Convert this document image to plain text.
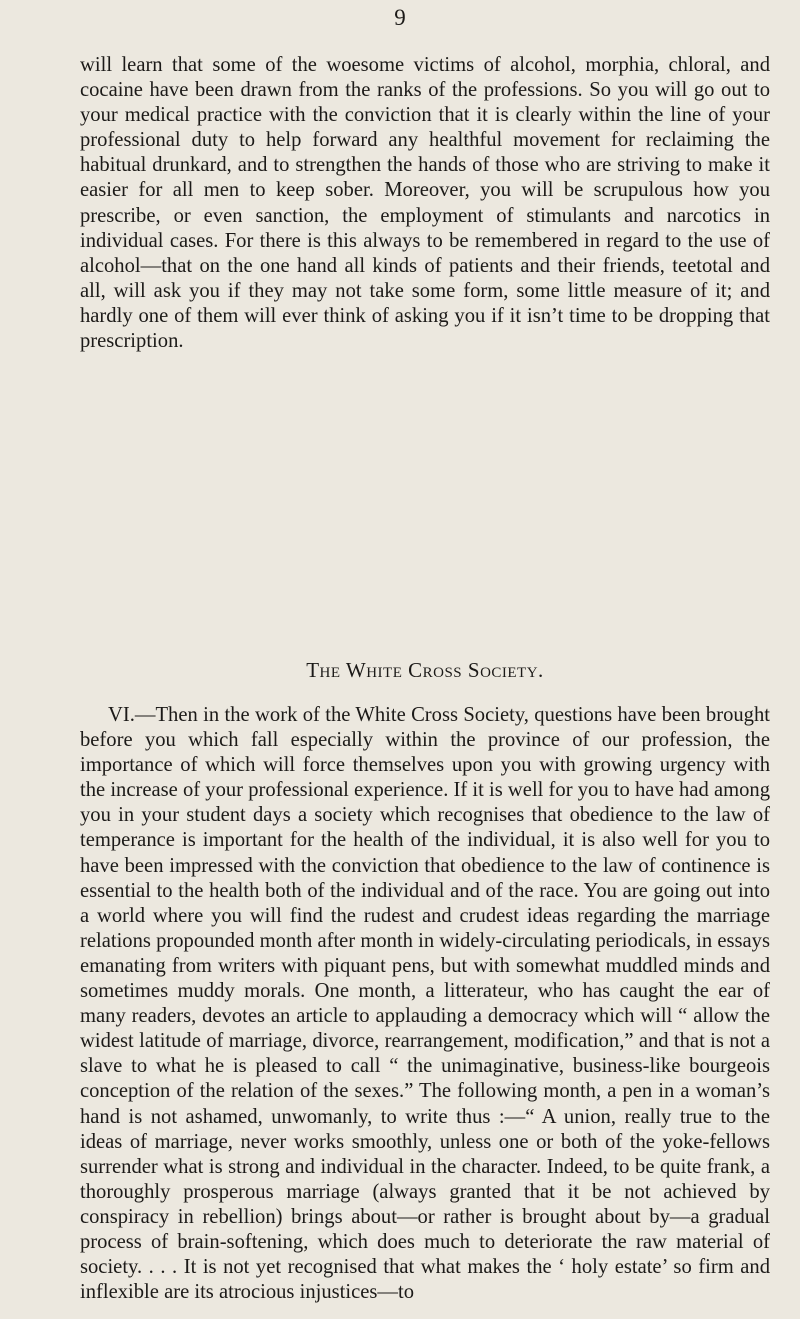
9

will learn that some of the woesome victims of alcohol, morphia, chloral, and cocaine have been drawn from the ranks of the professions. So you will go out to your medical practice with the conviction that it is clearly within the line of your professional duty to help forward any healthful movement for reclaiming the habitual drunkard, and to strengthen the hands of those who are striving to make it easier for all men to keep sober. Moreover, you will be scrupulous how you prescribe, or even sanction, the employment of stimulants and narcotics in individual cases. For there is this always to be remembered in regard to the use of alcohol—that on the one hand all kinds of patients and their friends, teetotal and all, will ask you if they may not take some form, some little measure of it; and hardly one of them will ever think of asking you if it isn’t time to be dropping that prescription.

The White Cross Society.

VI.—Then in the work of the White Cross Society, questions have been brought before you which fall especially within the province of our profession, the importance of which will force themselves upon you with growing urgency with the increase of your professional experience. If it is well for you to have had among you in your student days a society which recognises that obedience to the law of temperance is important for the health of the individual, it is also well for you to have been impressed with the conviction that obedience to the law of continence is essential to the health both of the individual and of the race. You are going out into a world where you will find the rudest and crudest ideas regarding the marriage relations propounded month after month in widely-circulating periodicals, in essays emanating from writers with piquant pens, but with somewhat muddled minds and sometimes muddy morals. One month, a litterateur, who has caught the ear of many readers, devotes an article to applauding a democracy which will “ allow the widest latitude of marriage, divorce, rearrangement, modification,” and that is not a slave to what he is pleased to call “ the unimaginative, business-like bourgeois conception of the relation of the sexes.” The following month, a pen in a woman’s hand is not ashamed, unwomanly, to write thus :—“ A union, really true to the ideas of marriage, never works smoothly, unless one or both of the yoke-fellows surrender what is strong and individual in the character. Indeed, to be quite frank, a thoroughly prosperous marriage (always granted that it be not achieved by conspiracy in rebellion) brings about—or rather is brought about by—a gradual process of brain-softening, which does much to deteriorate the raw material of society. . . . It is not yet recognised that what makes the ‘ holy estate’ so firm and inflexible are its atrocious injustices—to
